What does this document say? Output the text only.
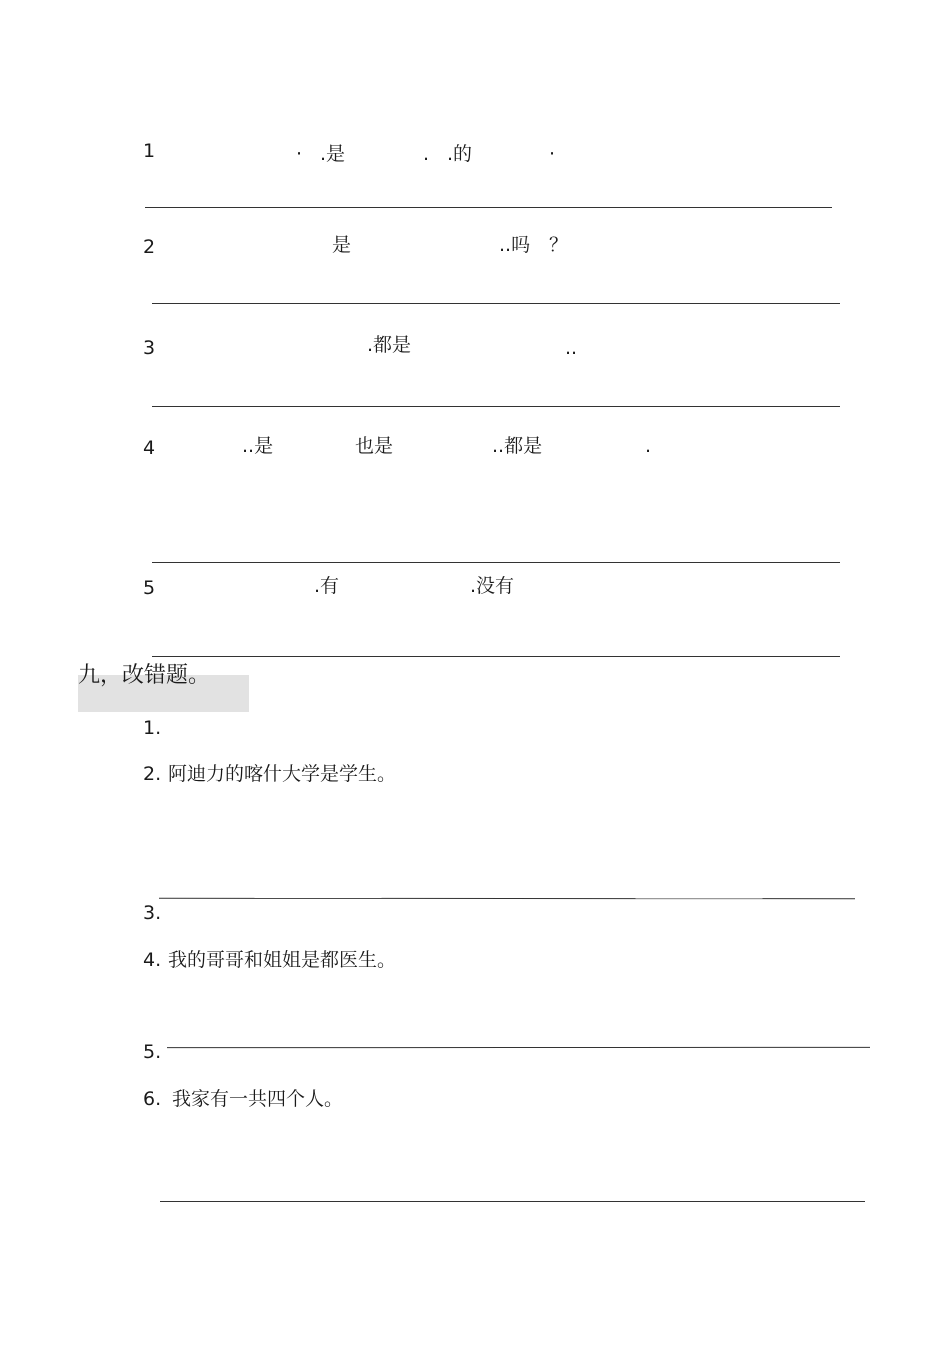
1	· .是	. .的	·
2	是	..吗 ？
3	.都是	..
4	..是	也是	..都是	.
5	.有	.没有
九，改错题。
1.
2. 阿迪力的喀什大学是学生。
3.
4. 我的哥哥和姐姐是都医生。
5.
6. 我家有一共四个人。
